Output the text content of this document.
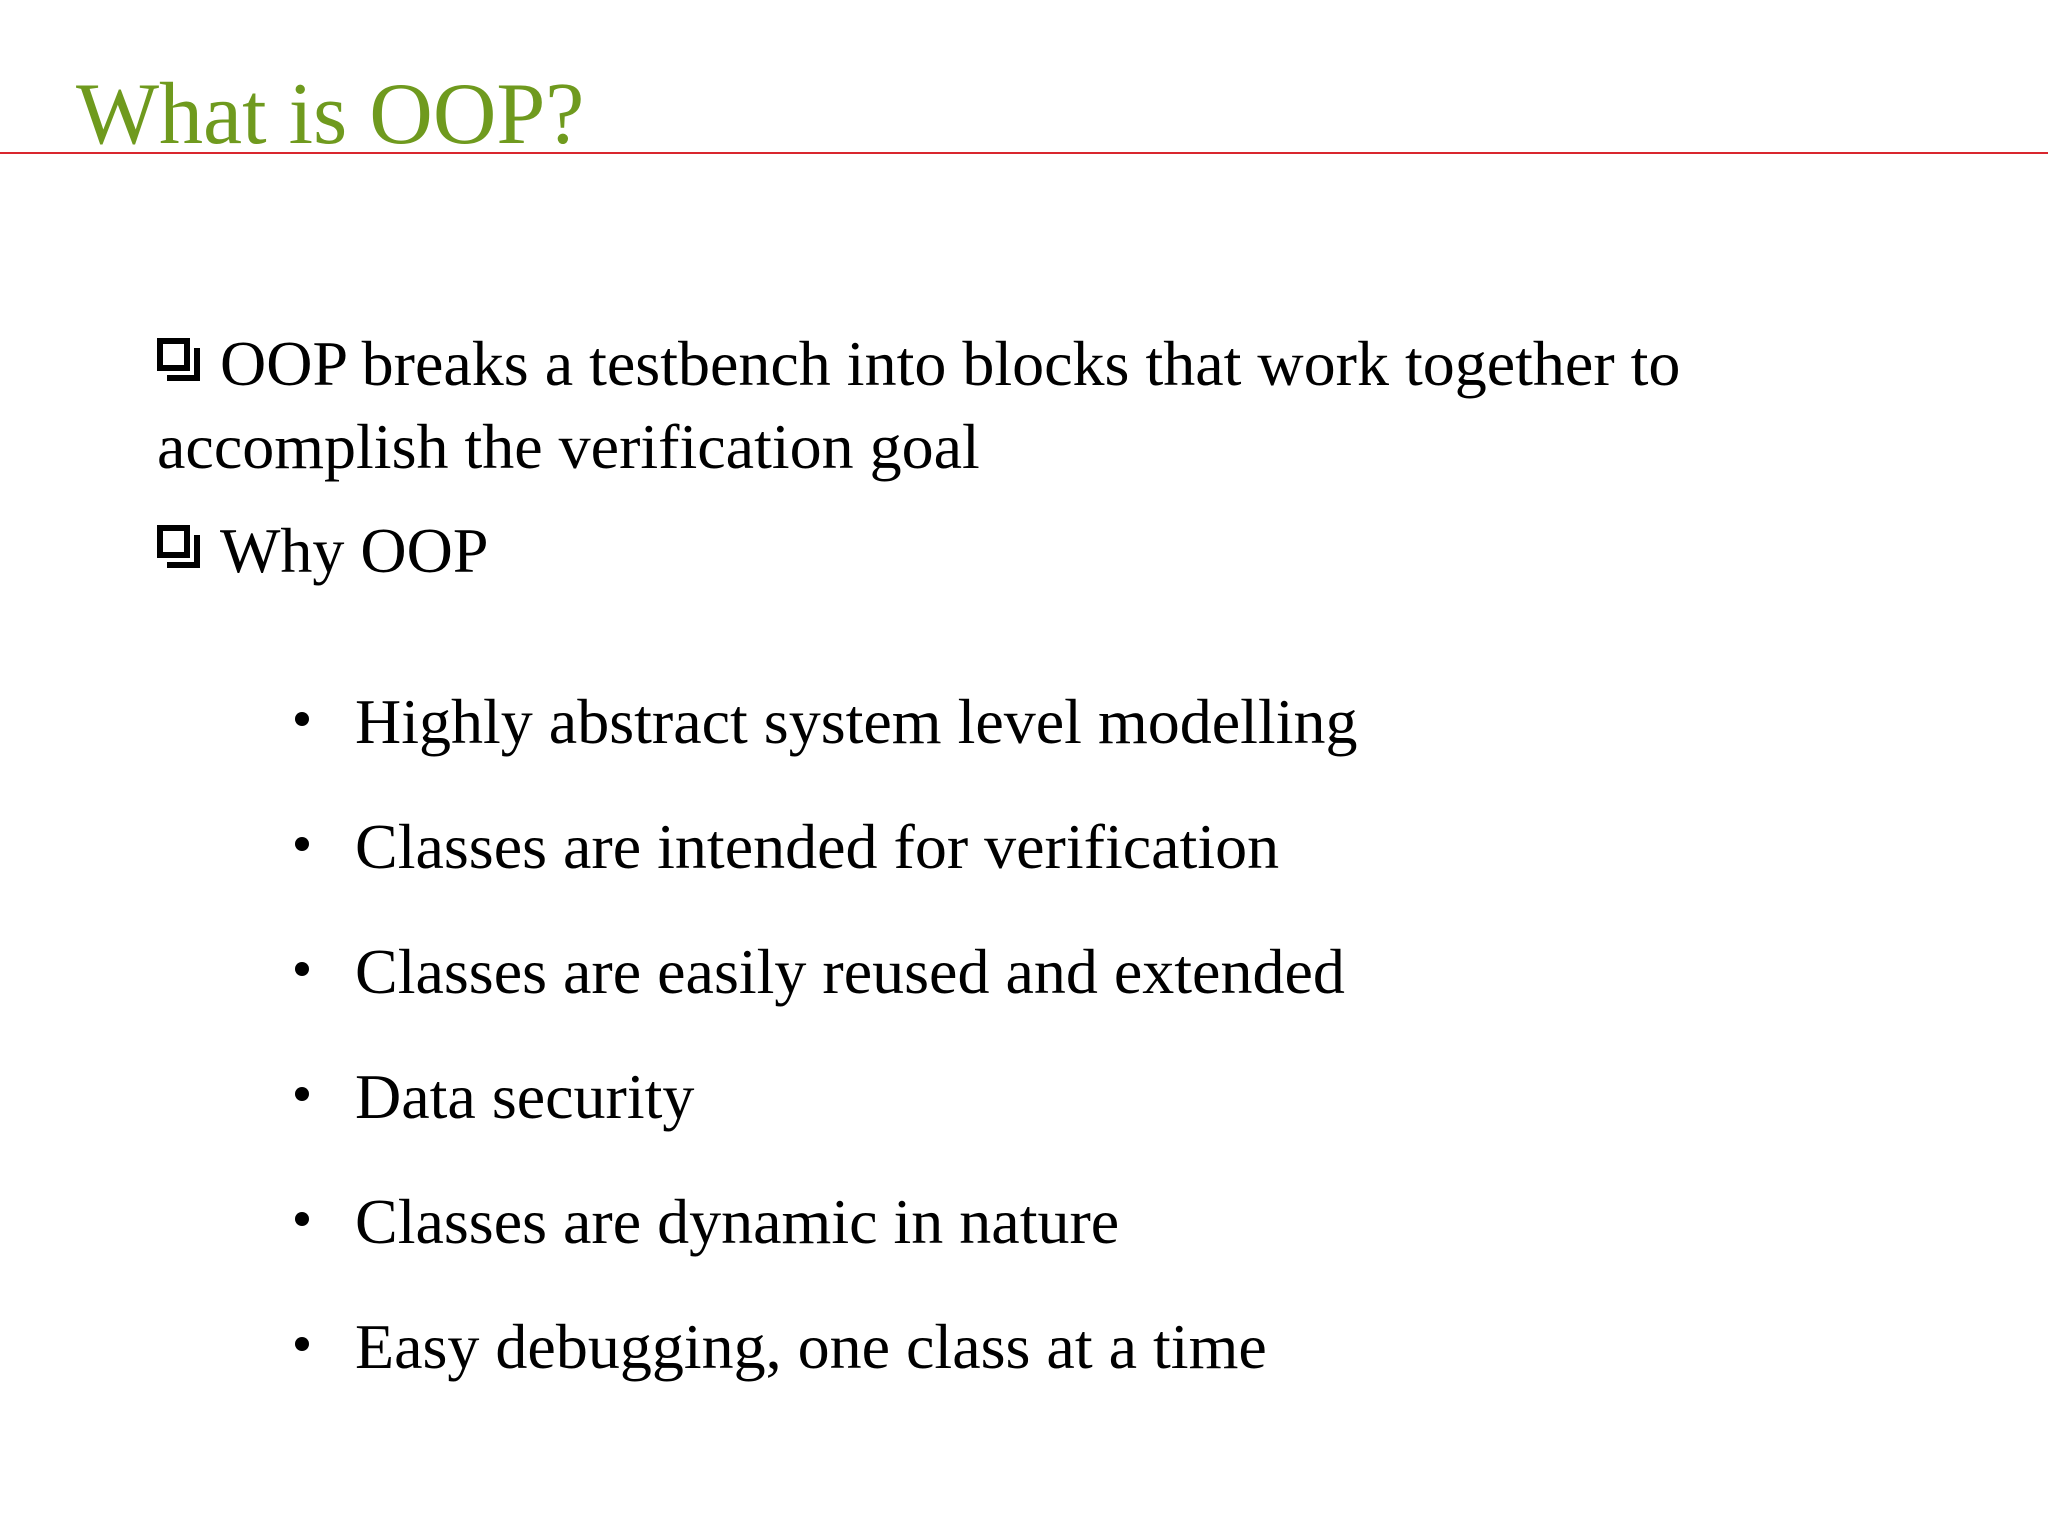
What is OOP?

OOP breaks a testbench into blocks that work together to accomplish the verification goal

Why OOP

Highly abstract system level modelling
Classes are intended for verification
Classes are easily reused and extended
Data security
Classes are dynamic in nature
Easy debugging, one class at a time
